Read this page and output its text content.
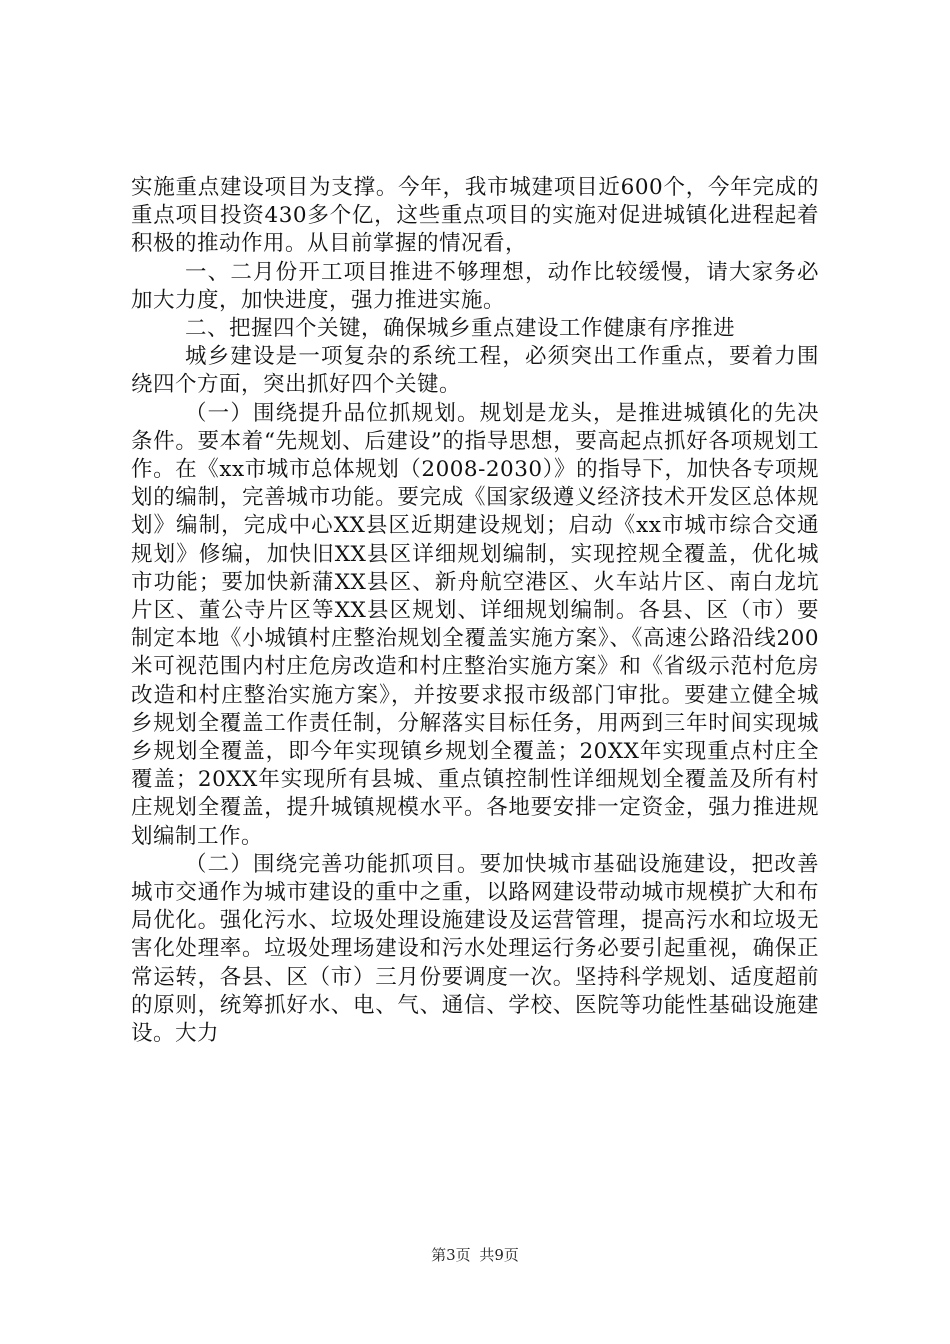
实施重点建设项目为支撑。今年，我市城建项目近600个，今年完成的重点项目投资430多个亿，这些重点项目的实施对促进城镇化进程起着积极的推动作用。从目前掌握的情况看，

一、二月份开工项目推进不够理想，动作比较缓慢，请大家务必加大力度，加快进度，强力推进实施。

二、把握四个关键，确保城乡重点建设工作健康有序推进

城乡建设是一项复杂的系统工程，必须突出工作重点，要着力围绕四个方面，突出抓好四个关键。

（一）围绕提升品位抓规划。规划是龙头，是推进城镇化的先决条件。要本着“先规划、后建设”的指导思想，要高起点抓好各项规划工作。在《xx市城市总体规划（2008-2030）》的指导下，加快各专项规划的编制，完善城市功能。要完成《国家级遵义经济技术开发区总体规划》编制，完成中心XX县区近期建设规划；启动《xx市城市综合交通规划》修编，加快旧XX县区详细规划编制，实现控规全覆盖，优化城市功能；要加快新蒲XX县区、新舟航空港区、火车站片区、南白龙坑片区、董公寺片区等XX县区规划、详细规划编制。各县、区（市）要制定本地《小城镇村庄整治规划全覆盖实施方案》、《高速公路沿线200米可视范围内村庄危房改造和村庄整治实施方案》和《省级示范村危房改造和村庄整治实施方案》，并按要求报市级部门审批。要建立健全城乡规划全覆盖工作责任制，分解落实目标任务，用两到三年时间实现城乡规划全覆盖，即今年实现镇乡规划全覆盖；20XX年实现重点村庄全覆盖；20XX年实现所有县城、重点镇控制性详细规划全覆盖及所有村庄规划全覆盖，提升城镇规模水平。各地要安排一定资金，强力推进规划编制工作。

（二）围绕完善功能抓项目。要加快城市基础设施建设，把改善城市交通作为城市建设的重中之重，以路网建设带动城市规模扩大和布局优化。强化污水、垃圾处理设施建设及运营管理，提高污水和垃圾无害化处理率。垃圾处理场建设和污水处理运行务必要引起重视，确保正常运转，各县、区（市）三月份要调度一次。坚持科学规划、适度超前的原则，统筹抓好水、电、气、通信、学校、医院等功能性基础设施建设。大力

第3页 共9页
